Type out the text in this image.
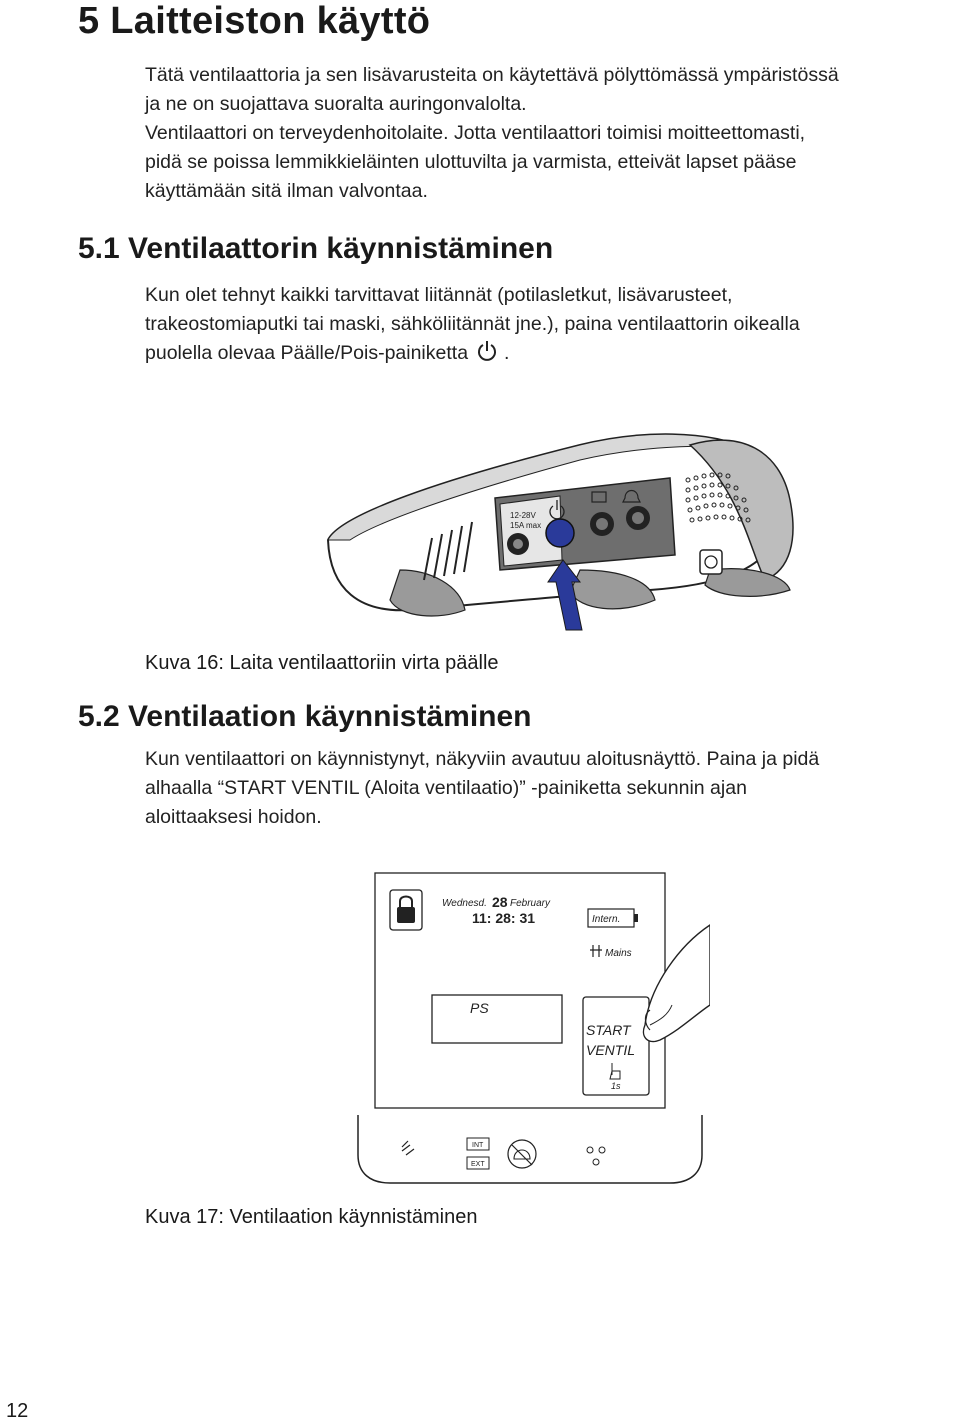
5 Laitteiston käyttö

Tätä ventilaattoria ja sen lisävarusteita on käytettävä pölyttömässä ympäristössä

ja ne on suojattava suoralta auringonvalolta.

Ventilaattori on terveydenhoitolaite. Jotta ventilaattori toimisi moitteettomasti,

pidä se poissa lemmikkieläinten ulottuvilta ja varmista, etteivät lapset pääse

käyttämään sitä ilman valvontaa.

5.1 Ventilaattorin käynnistäminen

Kun olet tehnyt kaikki tarvittavat liitännät (potilasletkut, lisävarusteet,

trakeostomiaputki tai maski, sähköliitännät jne.), paina ventilaattorin oikealla

puolella olevaa Päälle/Pois-painiketta .

12-28V
15A max

Kuva 16: Laita ventilaattoriin virta päälle

5.2 Ventilaation käynnistäminen

Kun ventilaattori on käynnistynyt, näkyviin avautuu aloitusnäyttö. Paina ja pidä

alhaalla “START VENTIL (Aloita ventilaatio)” -painiketta sekunnin ajan

aloittaaksesi hoidon.

Wednesd. 28 February
11: 28: 31	Intern.
Mains
PS
START
VENTIL
1s
INT
EXT

Kuva 17: Ventilaation käynnistäminen

12
